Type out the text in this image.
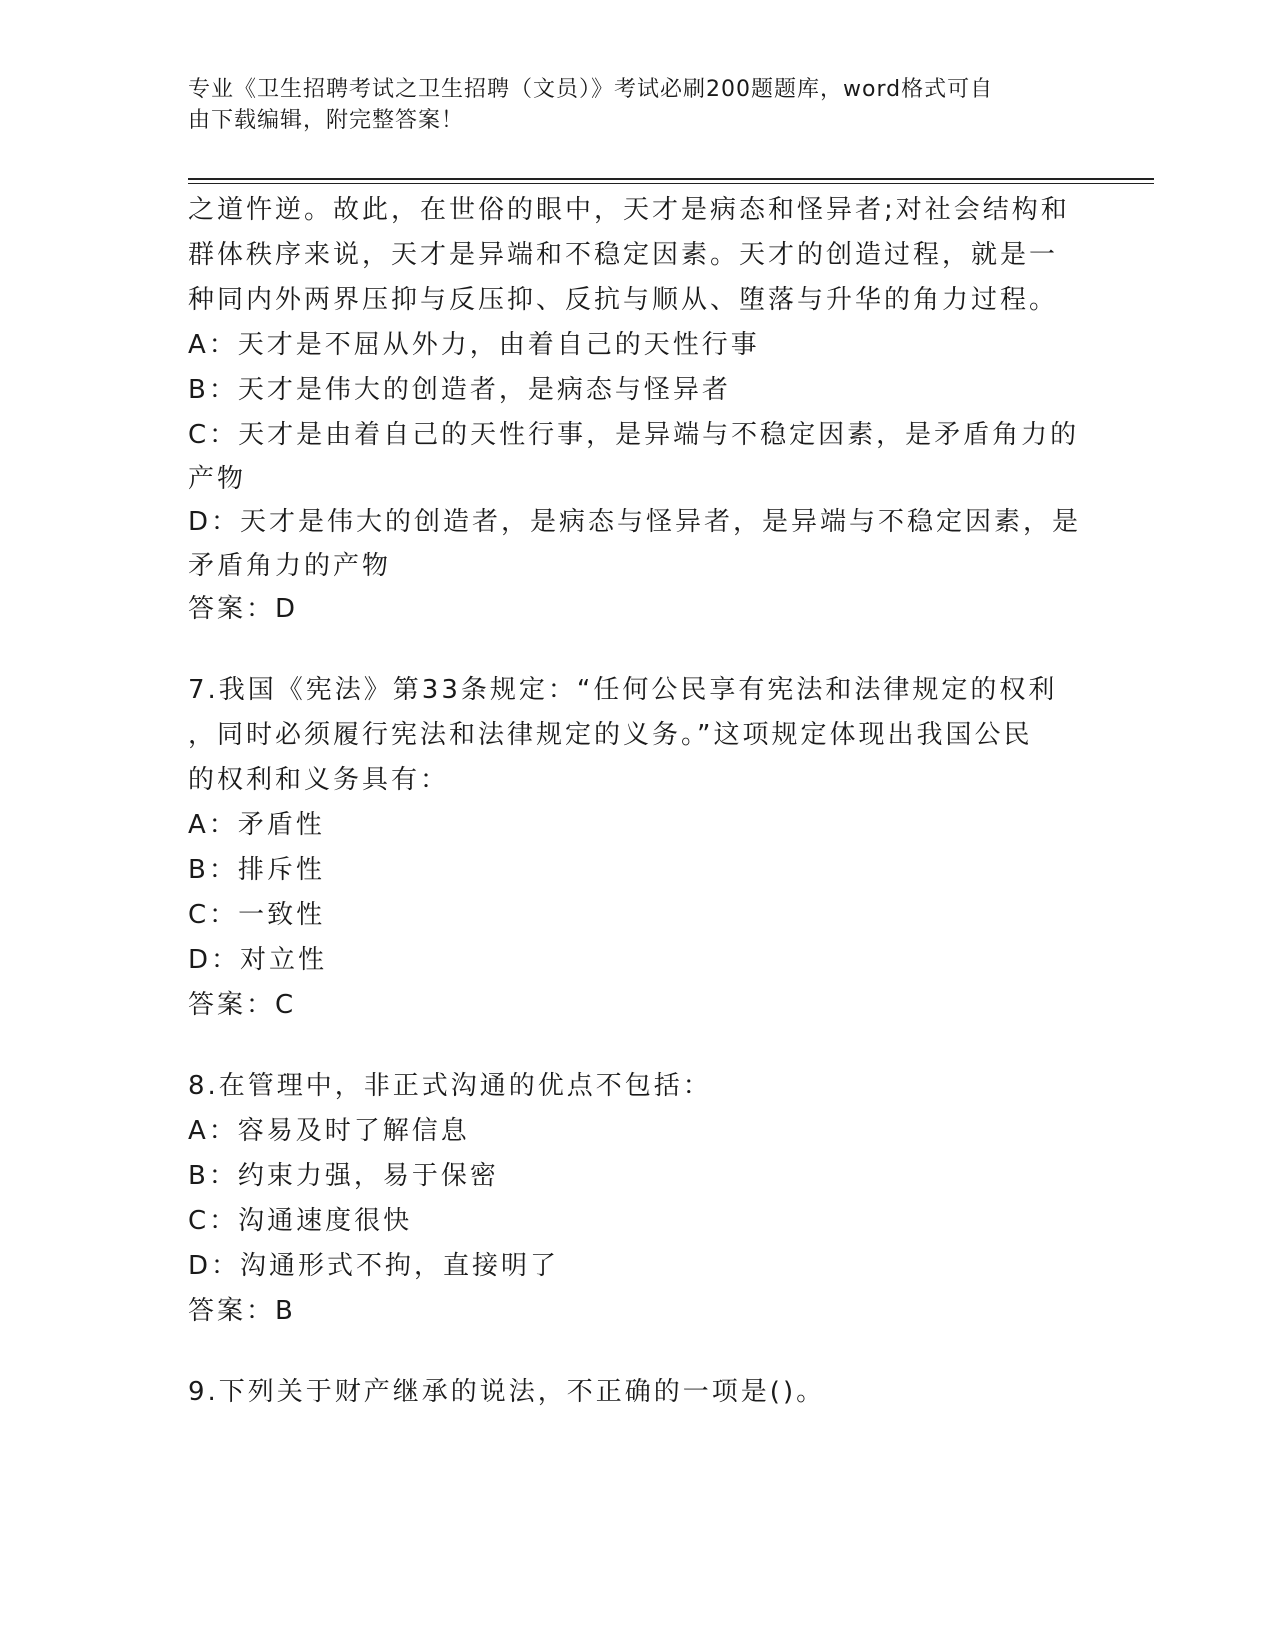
专业《卫生招聘考试之卫生招聘（文员）》考试必刷200题题库，word格式可自
由下载编辑，附完整答案！
之道忤逆。故此，在世俗的眼中，天才是病态和怪异者;对社会结构和
群体秩序来说，天才是异端和不稳定因素。天才的创造过程，就是一
种同内外两界压抑与反压抑、反抗与顺从、堕落与升华的角力过程。
A：天才是不屈从外力，由着自己的天性行事
B：天才是伟大的创造者，是病态与怪异者
C：天才是由着自己的天性行事，是异端与不稳定因素，是矛盾角力的
产物
D：天才是伟大的创造者，是病态与怪异者，是异端与不稳定因素，是
矛盾角力的产物
答案：D
7.我国《宪法》第33条规定：“任何公民享有宪法和法律规定的权利
，同时必须履行宪法和法律规定的义务。”这项规定体现出我国公民
的权利和义务具有：
A：矛盾性
B：排斥性
C：一致性
D：对立性
答案：C
8.在管理中，非正式沟通的优点不包括：
A：容易及时了解信息
B：约束力强，易于保密
C：沟通速度很快
D：沟通形式不拘，直接明了
答案：B
9.下列关于财产继承的说法，不正确的一项是()。
